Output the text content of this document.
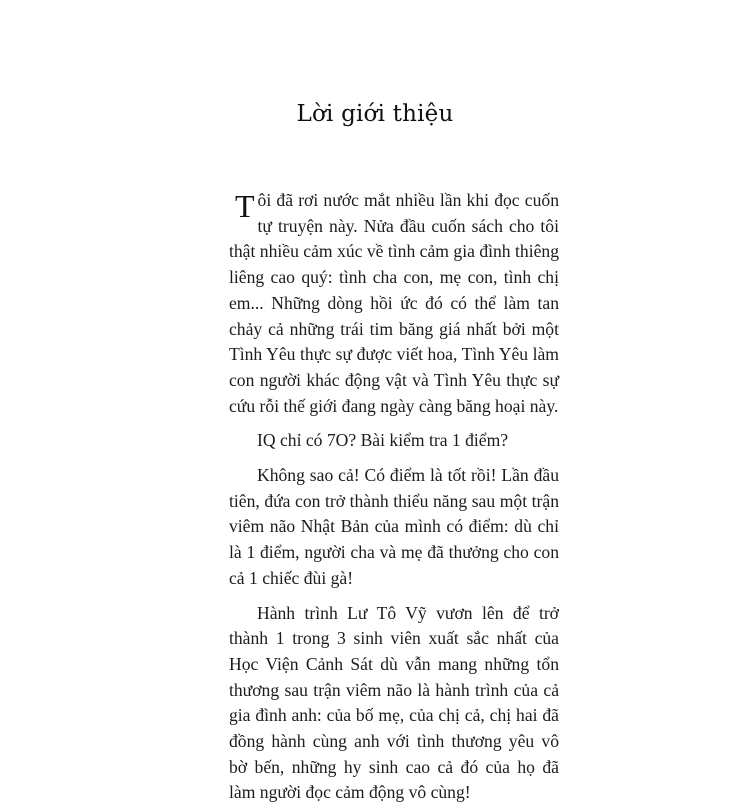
Lời giới thiệu

Tôi đã rơi nước mắt nhiều lần khi đọc cuốn tự truyện này. Nửa đầu cuốn sách cho tôi thật nhiều cảm xúc về tình cảm gia đình thiêng liêng cao quý: tình cha con, mẹ con, tình chị em... Những dòng hồi ức đó có thể làm tan chảy cả những trái tim băng giá nhất bởi một Tình Yêu thực sự được viết hoa, Tình Yêu làm con người khác động vật và Tình Yêu thực sự cứu rỗi thế giới đang ngày càng băng hoại này.

IQ chỉ có 7O? Bài kiểm tra 1 điểm?

Không sao cả! Có điểm là tốt rồi! Lần đầu tiên, đứa con trở thành thiểu năng sau một trận viêm não Nhật Bản của mình có điểm: dù chỉ là 1 điểm, người cha và mẹ đã thưởng cho con cả 1 chiếc đùi gà!

Hành trình Lư Tô Vỹ vươn lên để trở thành 1 trong 3 sinh viên xuất sắc nhất của Học Viện Cảnh Sát dù vẫn mang những tổn thương sau trận viêm não là hành trình của cả gia đình anh: của bố mẹ, của chị cả, chị hai đã đồng hành cùng anh với tình thương yêu vô bờ bến, những hy sinh cao cả đó của họ đã làm người đọc cảm động vô cùng!
